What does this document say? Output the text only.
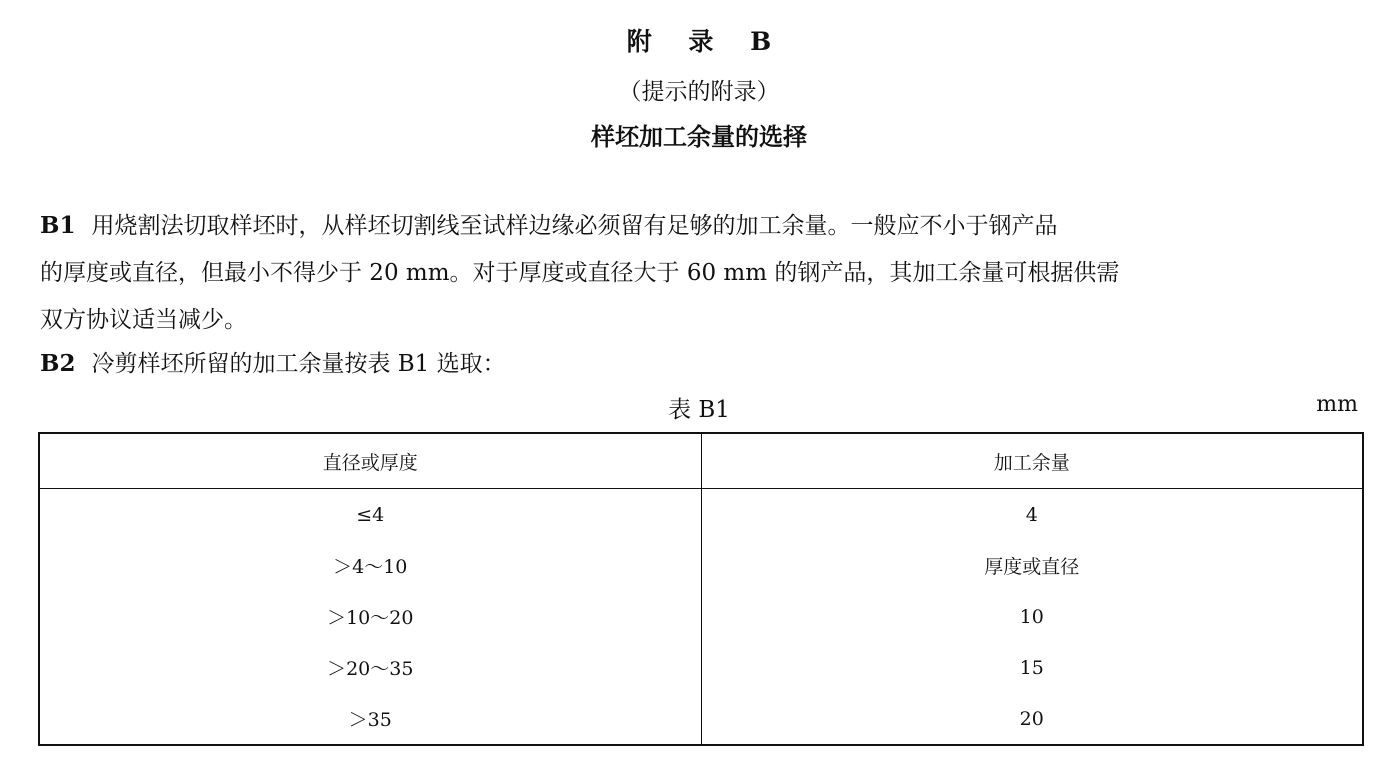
附 录 B
（提示的附录）
样坯加工余量的选择
B1 用烧割法切取样坯时，从样坯切割线至试样边缘必须留有足够的加工余量。一般应不小于钢产品
的厚度或直径，但最小不得少于 20 mm。对于厚度或直径大于 60 mm 的钢产品，其加工余量可根据供需
双方协议适当减少。
B2 冷剪样坯所留的加工余量按表 B1 选取：
表 B1	mm
直径或厚度	加工余量
≤4	4
＞4～10	厚度或直径
＞10～20	10
＞20～35	15
＞35	20
